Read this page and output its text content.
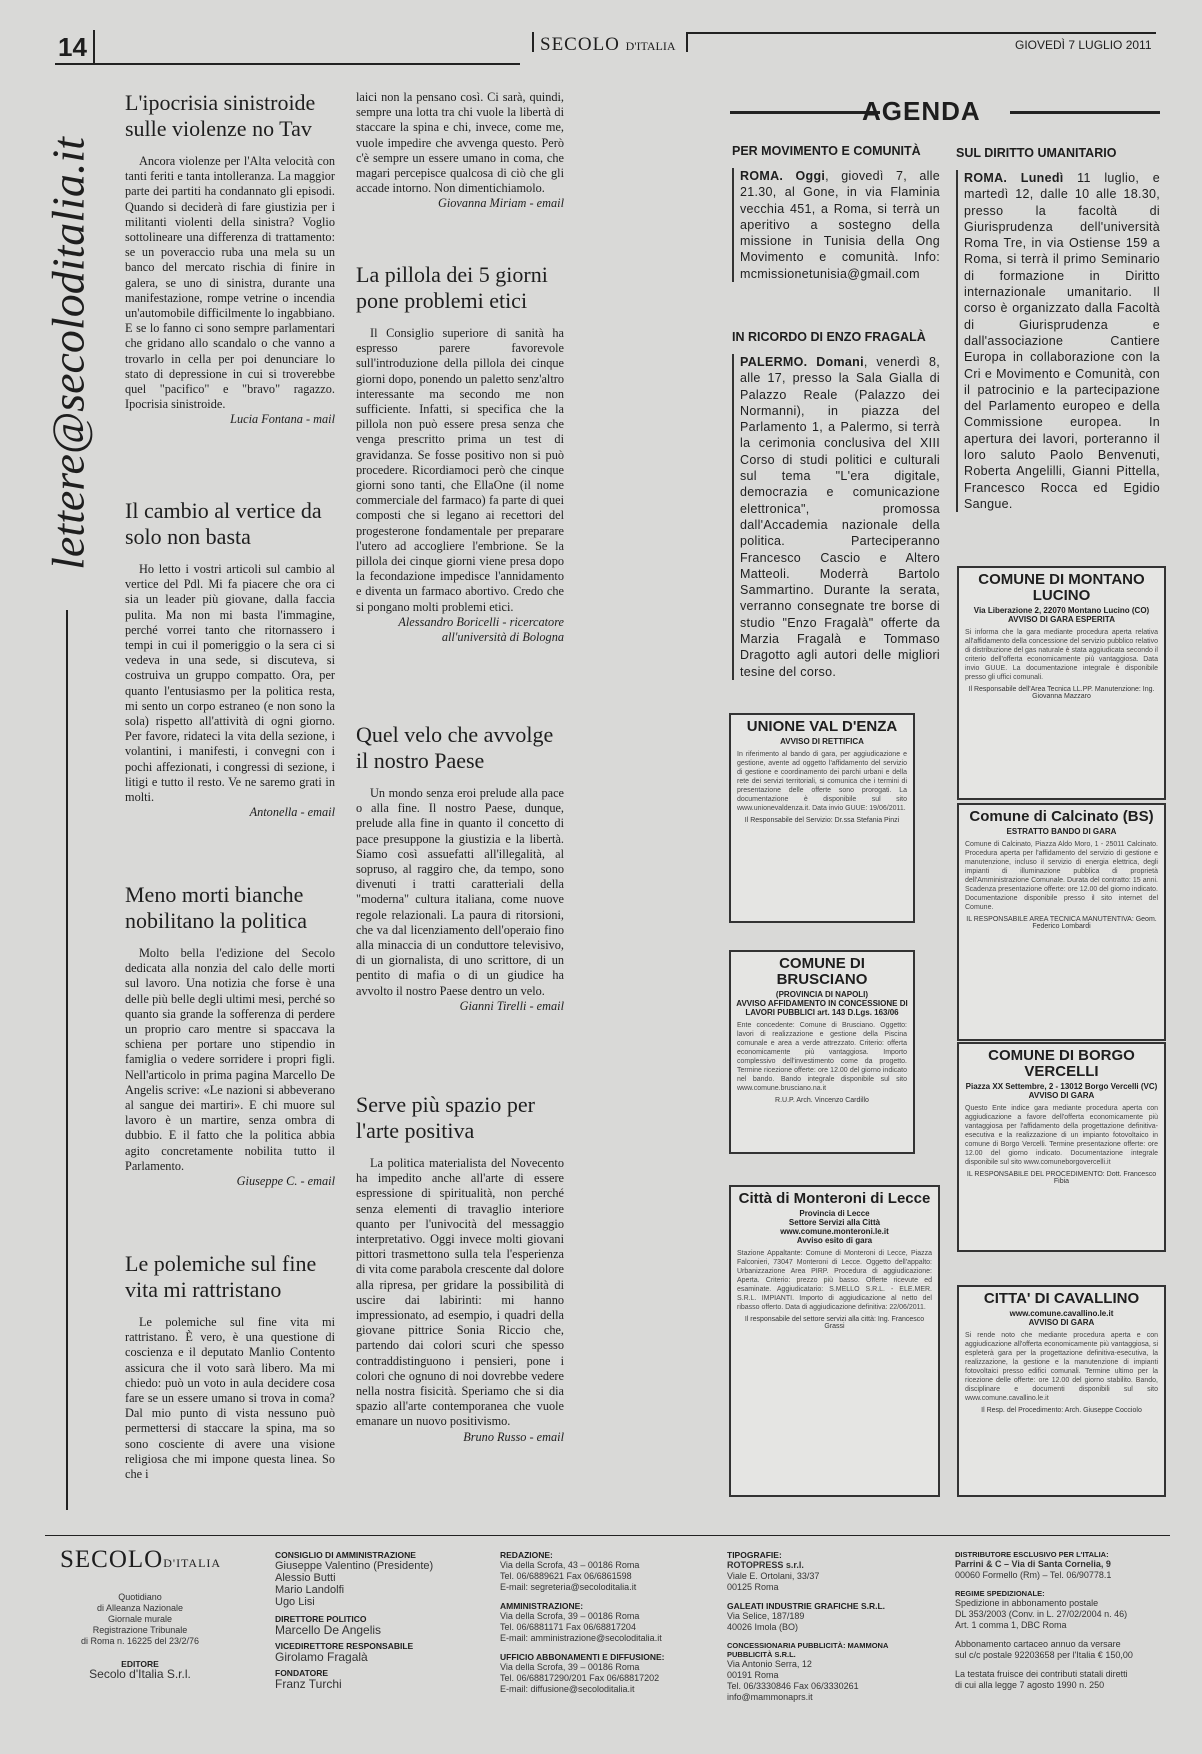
14	SECOLO D'ITALIA	GIOVEDÌ 7 LUGLIO 2011
lettere@secoloditalia.it
L'ipocrisia sinistroide sulle violenze no Tav

Ancora violenze per l'Alta velocità con tanti feriti e tanta intolleranza. La maggior parte dei partiti ha condannato gli episodi. Quando si deciderà di fare giustizia per i militanti violenti della sinistra? Voglio sottolineare una differenza di trattamento: se un poveraccio ruba una mela su un banco del mercato rischia di finire in galera, se uno di sinistra, durante una manifestazione, rompe vetrine o incendia un'automobile difficilmente lo ingabbiano. E se lo fanno ci sono sempre parlamentari che gridano allo scandalo o che vanno a trovarlo in cella per poi denunciare lo stato di depressione in cui si troverebbe quel "pacifico" e "bravo" ragazzo. Ipocrisia sinistroide.

Lucia Fontana - mail
Il cambio al vertice da solo non basta

Ho letto i vostri articoli sul cambio al vertice del Pdl. Mi fa piacere che ora ci sia un leader più giovane, dalla faccia pulita. Ma non mi basta l'immagine, perché vorrei tanto che ritornassero i tempi in cui il pomeriggio o la sera ci si vedeva in una sede, si discuteva, si costruiva un gruppo compatto. Ora, per quanto l'entusiasmo per la politica resta, mi sento un corpo estraneo (e non sono la sola) rispetto all'attività di ogni giorno. Per favore, ridateci la vita della sezione, i volantini, i manifesti, i convegni con i pochi affezionati, i congressi di sezione, i litigi e tutto il resto. Ve ne saremo grati in molti.

Antonella - email
Meno morti bianche nobilitano la politica

Molto bella l'edizione del Secolo dedicata alla nonzia del calo delle morti sul lavoro. Una notizia che forse è una delle più belle degli ultimi mesi, perché so quanto sia grande la sofferenza di perdere un proprio caro mentre si spaccava la schiena per portare uno stipendio in famiglia o vedere sorridere i propri figli. Nell'articolo in prima pagina Marcello De Angelis scrive: «Le nazioni si abbeverano al sangue dei martiri». E chi muore sul lavoro è un martire, senza ombra di dubbio. E il fatto che la politica abbia agito concretamente nobilita tutto il Parlamento.

Giuseppe C. - email
Le polemiche sul fine vita mi rattristano

Le polemiche sul fine vita mi rattristano. È vero, è una questione di coscienza e il deputato Manlio Contento assicura che il voto sarà libero. Ma mi chiedo: può un voto in aula decidere cosa fare se un essere umano si trova in coma? Dal mio punto di vista nessuno può permettersi di staccare la spina, ma so sono cosciente di avere una visione religiosa che mi impone questa linea. So che i

laici non la pensano così. Ci sarà, quindi, sempre una lotta tra chi vuole la libertà di staccare la spina e chi, invece, come me, vuole impedire che avvenga questo. Però c'è sempre un essere umano in coma, che magari percepisce qualcosa di ciò che gli accade intorno. Non dimentichiamolo.

Giovanna Miriam - email
La pillola dei 5 giorni pone problemi etici

Il Consiglio superiore di sanità ha espresso parere favorevole sull'introduzione della pillola dei cinque giorni dopo, ponendo un paletto senz'altro interessante ma secondo me non sufficiente. Infatti, si specifica che la pillola non può essere presa senza che venga prescritto prima un test di gravidanza. Se fosse positivo non si può procedere. Ricordiamoci però che cinque giorni sono tanti, che EllaOne (il nome commerciale del farmaco) fa parte di quei composti che si legano ai recettori del progesterone fondamentale per preparare l'utero ad accogliere l'embrione. Se la pillola dei cinque giorni viene presa dopo la fecondazione impedisce l'annidamento e diventa un farmaco abortivo. Credo che si pongano molti problemi etici.

Alessandro Boricelli - ricercatore all'università di Bologna
Quel velo che avvolge il nostro Paese

Un mondo senza eroi prelude alla pace o alla fine. Il nostro Paese, dunque, prelude alla fine in quanto il concetto di pace presuppone la giustizia e la libertà. Siamo così assuefatti all'illegalità, al sopruso, al raggiro che, da tempo, sono divenuti i tratti caratteriali della "moderna" cultura italiana, come nuove regole relazionali. La paura di ritorsioni, che va dal licenziamento dell'operaio fino alla minaccia di un conduttore televisivo, di un giornalista, di uno scrittore, di un pentito di mafia o di un giudice ha avvolto il nostro Paese dentro un velo.

Gianni Tirelli - email
Serve più spazio per l'arte positiva

La politica materialista del Novecento ha impedito anche all'arte di essere espressione di spiritualità, non perché senza elementi di travaglio interiore quanto per l'univocità del messaggio interpretativo. Oggi invece molti giovani pittori trasmettono sulla tela l'esperienza di vita come parabola crescente dal dolore alla ripresa, per gridare la possibilità di uscire dai labirinti: mi hanno impressionato, ad esempio, i quadri della giovane pittrice Sonia Riccio che, partendo dai colori scuri che spesso contraddistinguono i pensieri, pone i colori che ognuno di noi dovrebbe vedere nella nostra fisicità. Speriamo che si dia spazio all'arte contemporanea che vuole emanare un nuovo positivismo.

Bruno Russo - email
AGENDA
PER MOVIMENTO E COMUNITÀ
ROMA. Oggi, giovedì 7, alle 21.30, al Gone, in via Flaminia vecchia 451, a Roma, si terrà un aperitivo a sostegno della missione in Tunisia della Ong Movimento e comunità. Info: mcmissionetunisia@gmail.com
IN RICORDO DI ENZO FRAGALÀ
PALERMO. Domani, venerdì 8, alle 17, presso la Sala Gialla di Palazzo Reale (Palazzo dei Normanni), in piazza del Parlamento 1, a Palermo, si terrà la cerimonia conclusiva del XIII Corso di studi politici e culturali sul tema "L'era digitale, democrazia e comunicazione elettronica", promossa dall'Accademia nazionale della politica. Parteciperanno Francesco Cascio e Altero Matteoli. Moderrà Bartolo Sammartino. Durante la serata, verranno consegnate tre borse di studio "Enzo Fragalà" offerte da Marzia Fragalà e Tommaso Dragotto agli autori delle migliori tesine del corso.
SUL DIRITTO UMANITARIO
ROMA. Lunedì 11 luglio, e martedì 12, dalle 10 alle 18.30, presso la facoltà di Giurisprudenza dell'università Roma Tre, in via Ostiense 159 a Roma, si terrà il primo Seminario di formazione in Diritto internazionale umanitario. Il corso è organizzato dalla Facoltà di Giurisprudenza e dall'associazione Cantiere Europa in collaborazione con la Cri e Movimento e Comunità, con il patrocinio e la partecipazione del Parlamento europeo e della Commissione europea. In apertura dei lavori, porteranno il loro saluto Paolo Benvenuti, Roberta Angelilli, Gianni Pittella, Francesco Rocca ed Egidio Sangue.
UNIONE VAL D'ENZA
AVVISO DI RETTIFICA
In riferimento al bando di gara, per aggiudicazione e gestione, avente ad oggetto l'affidamento del servizio di gestione e coordinamento dei parchi urbani e della rete dei servizi territoriali, si comunica che i termini di presentazione delle offerte sono prorogati. La documentazione è disponibile sul sito www.unionevaldenza.it. Data invio GUUE: 19/06/2011.
Il Responsabile del Servizio: Dr.ssa Stefania Pinzi
COMUNE DI BRUSCIANO
(PROVINCIA DI NAPOLI)
AVVISO AFFIDAMENTO IN CONCESSIONE DI LAVORI PUBBLICI art. 143 D.Lgs. 163/06
Ente concedente: Comune di Brusciano. Oggetto: lavori di realizzazione e gestione della Piscina comunale e area a verde attrezzato. Criterio: offerta economicamente più vantaggiosa. Importo complessivo dell'investimento come da progetto. Termine ricezione offerte: ore 12.00 del giorno indicato nel bando. Bando integrale disponibile sul sito www.comune.brusciano.na.it
R.U.P. Arch. Vincenzo Cardillo
Città di Monteroni di Lecce
Provincia di Lecce
Settore Servizi alla Città
www.comune.monteroni.le.it
Avviso esito di gara
Stazione Appaltante: Comune di Monteroni di Lecce, Piazza Falconieri, 73047 Monteroni di Lecce. Oggetto dell'appalto: Urbanizzazione Area PIRP. Procedura di aggiudicazione: Aperta. Criterio: prezzo più basso. Offerte ricevute ed esaminate. Aggiudicatario: S.MELLO S.R.L. - ELE.MER. S.R.L. IMPIANTI. Importo di aggiudicazione al netto del ribasso offerto. Data di aggiudicazione definitiva: 22/06/2011.
Il responsabile del settore servizi alla città: Ing. Francesco Grassi
COMUNE DI MONTANO LUCINO
Via Liberazione 2, 22070 Montano Lucino (CO)
AVVISO DI GARA ESPERITA
Si informa che la gara mediante procedura aperta relativa all'affidamento della concessione del servizio pubblico relativo di distribuzione del gas naturale è stata aggiudicata secondo il criterio dell'offerta economicamente più vantaggiosa. Data invio GUUE. La documentazione integrale è disponibile presso gli uffici comunali.
Il Responsabile dell'Area Tecnica LL.PP. Manutenzione: Ing. Giovanna Mazzaro
Comune di Calcinato (BS)
ESTRATTO BANDO DI GARA
Comune di Calcinato, Piazza Aldo Moro, 1 - 25011 Calcinato. Procedura aperta per l'affidamento del servizio di gestione e manutenzione, incluso il servizio di energia elettrica, degli impianti di illuminazione pubblica di proprietà dell'Amministrazione Comunale. Durata del contratto: 15 anni. Scadenza presentazione offerte: ore 12.00 del giorno indicato. Documentazione disponibile presso il sito internet del Comune.
IL RESPONSABILE AREA TECNICA MANUTENTIVA: Geom. Federico Lombardi
COMUNE DI BORGO VERCELLI
Piazza XX Settembre, 2 - 13012 Borgo Vercelli (VC)
AVVISO DI GARA
Questo Ente indice gara mediante procedura aperta con aggiudicazione a favore dell'offerta economicamente più vantaggiosa per l'affidamento della progettazione definitiva-esecutiva e la realizzazione di un impianto fotovoltaico in comune di Borgo Vercelli. Termine presentazione offerte: ore 12.00 del giorno indicato. Documentazione integrale disponibile sul sito www.comuneborgovercelli.it
IL RESPONSABILE DEL PROCEDIMENTO: Dott. Francesco Fibia
CITTA' DI CAVALLINO
www.comune.cavallino.le.it
AVVISO DI GARA
Si rende noto che mediante procedura aperta e con aggiudicazione all'offerta economicamente più vantaggiosa, si espleterà gara per la progettazione definitiva-esecutiva, la realizzazione, la gestione e la manutenzione di impianti fotovoltaici presso edifici comunali. Termine ultimo per la ricezione delle offerte: ore 12.00 del giorno stabilito. Bando, disciplinare e documenti disponibili sul sito www.comune.cavallino.le.it
Il Resp. del Procedimento: Arch. Giuseppe Cocciolo
SECOLOD'ITALIA
Quotidiano
di Alleanza Nazionale
Giornale murale
Registrazione Tribunale
di Roma n. 16225 del 23/2/76
EDITORE
Secolo d'Italia S.r.l.
CONSIGLIO DI AMMINISTRAZIONE
Giuseppe Valentino (Presidente)
Alessio Butti
Mario Landolfi
Ugo Lisi
DIRETTORE POLITICO
Marcello De Angelis
VICEDIRETTORE RESPONSABILE
Girolamo Fragalà
FONDATORE
Franz Turchi
REDAZIONE:
Via della Scrofa, 43 – 00186 Roma
Tel. 06/6889621 Fax 06/6861598
E-mail: segreteria@secoloditalia.it
AMMINISTRAZIONE:
Via della Scrofa, 39 – 00186 Roma
Tel. 06/6881171 Fax 06/68817204
E-mail: amministrazione@secoloditalia.it
UFFICIO ABBONAMENTI E DIFFUSIONE:
Via della Scrofa, 39 – 00186 Roma
Tel. 06/68817290/201 Fax 06/68817202
E-mail: diffusione@secoloditalia.it
TIPOGRAFIE:
ROTOPRESS s.r.l.
Viale E. Ortolani, 33/37
00125 Roma
GALEATI INDUSTRIE GRAFICHE S.R.L.
Via Selice, 187/189
40026 Imola (BO)
CONCESSIONARIA PUBBLICITÀ: MAMMONA PUBBLICITÀ S.R.L.
Via Antonio Serra, 12
00191 Roma
Tel. 06/3330846 Fax 06/3330261
info@mammonaprs.it
DISTRIBUTORE ESCLUSIVO PER L'ITALIA:
Parrini & C – Via di Santa Cornelia, 9
00060 Formello (Rm) – Tel. 06/90778.1
REGIME SPEDIZIONALE:
Spedizione in abbonamento postale
DL 353/2003 (Conv. in L. 27/02/2004 n. 46)
Art. 1 comma 1, DBC Roma
Abbonamento cartaceo annuo da versare
sul c/c postale 92203658 per l'Italia € 150,00
La testata fruisce dei contributi statali diretti
di cui alla legge 7 agosto 1990 n. 250
